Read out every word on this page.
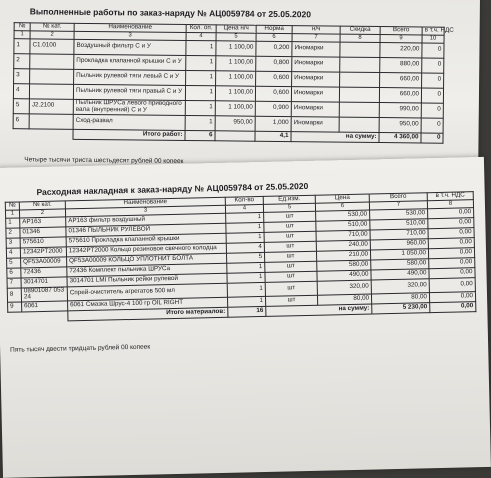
Выполненные работы по заказ-наряду № АЦ0059784 от 25.05.2020
№	№ кат.	Наименование	Кол. оп.	Цена н/ч	Норма	н/ч	Скидка	Всего	в т.ч. НДС
1	2	3	4	5	6	7	8	9	10
1	С1.0100	Воздушный фильтр С и У	1	1 100,00	0,200	Иномарки		220,00	0
2		Прокладка клапанной крышки С и У	1	1 100,00	0,800	Иномарки		880,00	0
3		Пыльник рулевой тяги левый С и У	1	1 100,00	0,600	Иномарки		660,00	0
4		Пыльник рулевой тяги правый С и У	1	1 100,00	0,600	Иномарки		660,00	0
5	J2.2100	Пыльник ШРУСа левого приводного вала (внутренний) С и У	1	1 100,00	0,900	Иномарки		990,00	0
6		Сход-развал	1	950,00	1,000	Иномарки		950,00	0
		Итого работ:	6		4,1	на сумму:		4 360,00	0
Четыре тысячи триста шестьдесят рублей 00 копеек
Расходная накладная к заказ-наряду № АЦ0059784 от 25.05.2020
№	№ кат.	Наименование	Кол-во	Ед.изм.	Цена	Всего	в т.ч. НДС
1	2	3	4	5	6	7	8
1	AP163	AP163 фильтр воздушный	1	шт	530,00	530,00	0,00
2	01346	01346 ПЫЛЬНИК РУЛЕВОЙ	1	шт	510,00	510,00	0,00
3	575610	575610 Прокладка клапанной крышки	1	шт	710,00	710,00	0,00
4	12342PT2000	12342PT2000 Кольцо резиновое свечного колодца	4	шт	240,00	960,00	0,00
5	QF53A00009	QF53A00009 КОЛЬЦО УПЛОТНИТ БОЛТА	5	шт	210,00	1 050,00	0,00
6	72436	72436 Комплект пыльника ШРУСа	1	шт	580,00	580,00	0,00
7	3014701	3014701 LMI Пыльник рейки рулевой	1	шт	490,00	490,00	0,00
8	08901087 053 24	Спрей-очиститель агрегатов 500 мл	1	шт	320,00	320,00	0,00
9	6061	6061 Смазка Шрус-4 100 гр OIL RIGHT	1	шт	80,00	80,00	0,00
		Итого материалов:	16	на сумму:		5 230,00	0,00
Пять тысяч двести тридцать рублей 00 копеек
